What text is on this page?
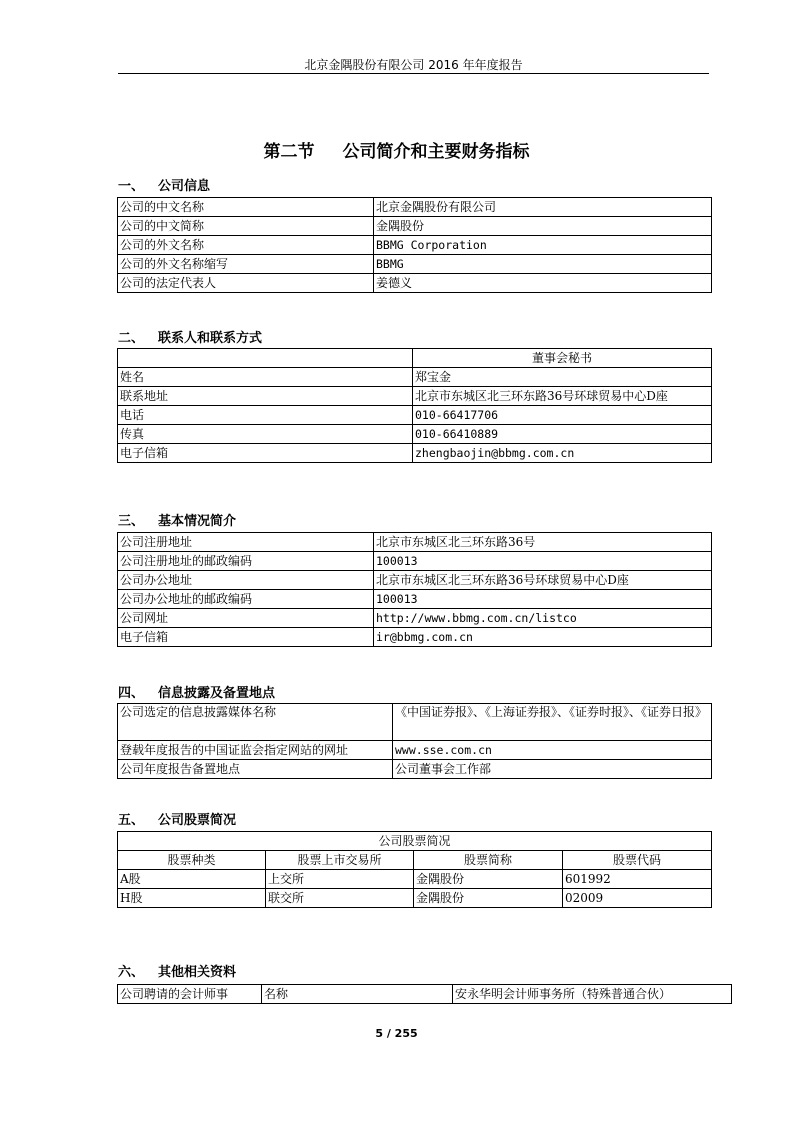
北京金隅股份有限公司 2016 年年度报告
第二节 公司简介和主要财务指标
一、 公司信息
公司的中文名称	北京金隅股份有限公司
公司的中文简称	金隅股份
公司的外文名称	BBMG Corporation
公司的外文名称缩写	BBMG
公司的法定代表人	姜德义
二、 联系人和联系方式
	董事会秘书
姓名	郑宝金
联系地址	北京市东城区北三环东路36号环球贸易中心D座
电话	010-66417706
传真	010-66410889
电子信箱	zhengbaojin@bbmg.com.cn
三、 基本情况简介
公司注册地址	北京市东城区北三环东路36号
公司注册地址的邮政编码	100013
公司办公地址	北京市东城区北三环东路36号环球贸易中心D座
公司办公地址的邮政编码	100013
公司网址	http://www.bbmg.com.cn/listco
电子信箱	ir@bbmg.com.cn
四、 信息披露及备置地点
公司选定的信息披露媒体名称	《中国证券报》、《上海证券报》、《证券时报》、《证券日报》
登载年度报告的中国证监会指定网站的网址	www.sse.com.cn
公司年度报告备置地点	公司董事会工作部
五、 公司股票简况
公司股票简况			
股票种类	股票上市交易所	股票简称	股票代码
A股	上交所	金隅股份	601992
H股	联交所	金隅股份	02009
六、 其他相关资料
公司聘请的会计师事	名称	安永华明会计师事务所（特殊普通合伙）
5 / 255
